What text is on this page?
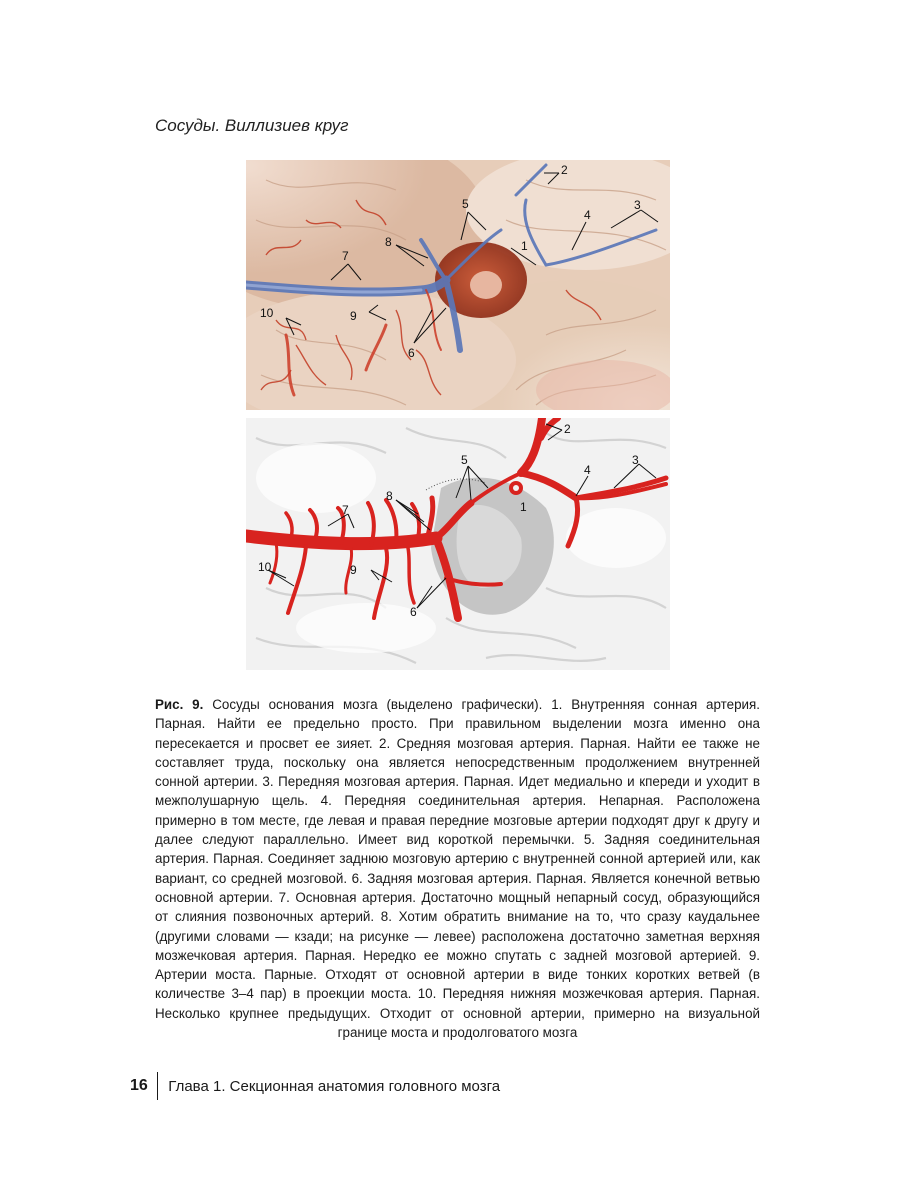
Сосуды. Виллизиев круг
2
3
4
1
5
8
7
9
10
6
2
3
4
1
5
8
7
9
10
6
Рис. 9. Сосуды основания мозга (выделено графически). 1. Внутренняя сонная артерия. Парная. Найти ее предельно просто. При правильном выделении мозга именно она пересекается и просвет ее зияет. 2. Средняя мозговая артерия. Парная. Найти ее также не составляет труда, поскольку она является непосредственным продолжением внутренней сонной артерии. 3. Передняя мозговая артерия. Парная. Идет медиально и кпереди и уходит в межполушарную щель. 4. Передняя соединительная артерия. Непарная. Расположена примерно в том месте, где левая и правая передние мозговые артерии подходят друг к другу и далее следуют параллельно. Имеет вид короткой перемычки. 5. Задняя соединительная артерия. Парная. Соединяет заднюю мозговую артерию с внутренней сонной артерией или, как вариант, со средней мозговой. 6. Задняя мозговая артерия. Парная. Является конечной ветвью основной артерии. 7. Основная артерия. Достаточно мощный непарный сосуд, образующийся от слияния позвоночных артерий. 8. Хотим обратить внимание на то, что сразу каудальнее (другими словами — кзади; на рисунке — левее) расположена достаточно заметная верхняя мозжечковая артерия. Парная. Нередко ее можно спутать с задней мозговой артерией. 9. Артерии моста. Парные. Отходят от основной артерии в виде тонких коротких ветвей (в количестве 3–4 пар) в проекции моста. 10. Передняя нижняя мозжечковая артерия. Парная. Несколько крупнее предыдущих. Отходит от основной артерии, примерно на визуальной границе моста и продолговатого мозга
16	Глава 1. Секционная анатомия головного мозга
